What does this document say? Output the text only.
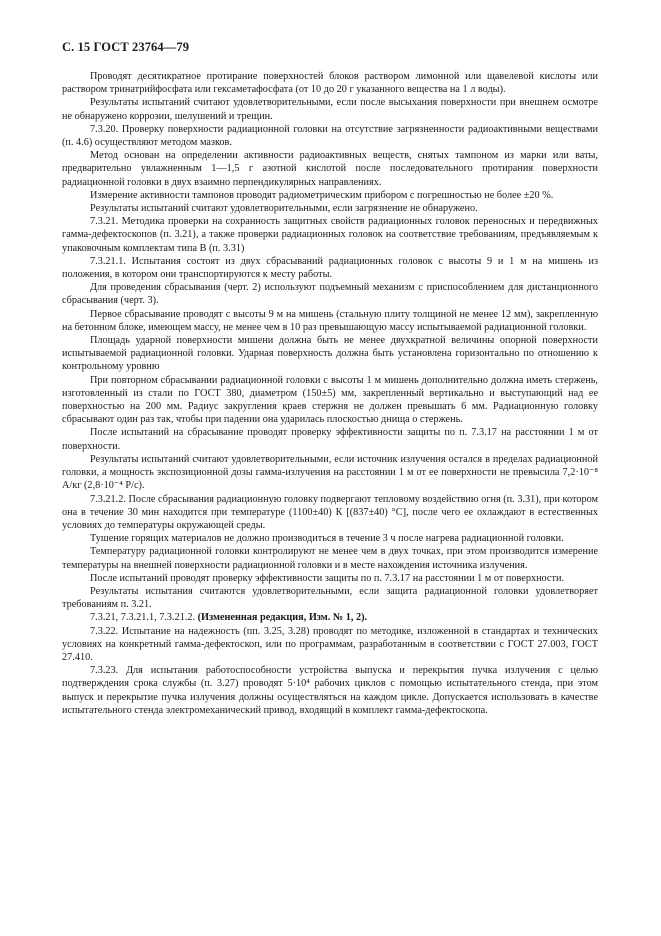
С. 15 ГОСТ 23764—79

Проводят десятикратное протирание поверхностей блоков раствором лимонной или щавелевой кислоты или раствором тринатрийфосфата или гексаметафосфата (от 10 до 20 г указанного вещества на 1 л воды).

Результаты испытаний считают удовлетворительными, если после высыхания поверхности при внешнем осмотре не обнаружено коррозии, шелушений и трещин.

7.3.20. Проверку поверхности радиационной головки на отсутствие загрязненности радиоактивными веществами (п. 4.6) осуществляют методом мазков.

Метод основан на определении активности радиоактивных веществ, снятых тампоном из марки или ваты, предварительно увлажненным 1—1,5 г азотной кислотой после последовательного протирания поверхности радиационной головки в двух взаимно перпендикулярных направлениях.

Измерение активности тампонов проводят радиометрическим прибором с погрешностью не более ±20 %.

Результаты испытаний считают удовлетворительными, если загрязнение не обнаружено.

7.3.21. Методика проверки на сохранность защитных свойств радиационных головок переносных и передвижных гамма-дефектоскопов (п. 3.21), а также проверки радиационных головок на соответствие требованиям, предъявляемым к упаковочным комплектам типа В (п. 3.31)

7.3.21.1. Испытания состоят из двух сбрасываний радиационных головок с высоты 9 и 1 м на мишень из положения, в котором они транспортируются к месту работы.

Для проведения сбрасывания (черт. 2) используют подъемный механизм с приспособлением для дистанционного сбрасывания (черт. 3).

Первое сбрасывание проводят с высоты 9 м на мишень (стальную плиту толщиной не менее 12 мм), закрепленную на бетонном блоке, имеющем массу, не менее чем в 10 раз превышающую массу испытываемой радиационной головки.

Площадь ударной поверхности мишени должна быть не менее двухкратной величины опорной поверхности испытываемой радиационной головки. Ударная поверхность должна быть установлена горизонтально по отношению к контрольному уровню

При повторном сбрасывании радиационной головки с высоты 1 м мишень дополнительно должна иметь стержень, изготовленный из стали по ГОСТ 380, диаметром (150±5) мм, закрепленный вертикально и выступающий над ее поверхностью на 200 мм. Радиус закругления краев стержня не должен превышать 6 мм. Радиационную головку сбрасывают один раз так, чтобы при падении она ударилась плоскостью днища о стержень.

После испытаний на сбрасывание проводят проверку эффективности защиты по п. 7.3.17 на расстоянии 1 м от поверхности.

Результаты испытаний считают удовлетворительными, если источник излучения остался в пределах радиационной головки, а мощность экспозиционной дозы гамма-излучения на расстоянии 1 м от ее поверхности не превысила 7,2·10⁻⁸ А/кг (2,8·10⁻⁴ Р/с).

7.3.21.2. После сбрасывания радиационную головку подвергают тепловому воздействию огня (п. 3.31), при котором она в течение 30 мин находится при температуре (1100±40) К [(837±40) °С], после чего ее охлаждают в естественных условиях до температуры окружающей среды.

Тушение горящих материалов не должно производиться в течение 3 ч после нагрева радиационной головки.

Температуру радиационной головки контролируют не менее чем в двух точках, при этом производится измерение температуры на внешней поверхности радиационной головки и в месте нахождения источника излучения.

После испытаний проводят проверку эффективности защиты по п. 7.3.17 на расстоянии 1 м от поверхности.

Результаты испытания считаются удовлетворительными, если защита радиационной головки удовлетворяет требованиям п. 3.21.

7.3.21, 7.3.21.1, 7.3.21.2. (Измененная редакция, Изм. № 1, 2).

7.3.22. Испытание на надежность (пп. 3.25, 3.28) проводят по методике, изложенной в стандартах и технических условиях на конкретный гамма-дефектоскоп, или по программам, разработанным в соответствии с ГОСТ 27.003, ГОСТ 27.410.

7.3.23. Для испытания работоспособности устройства выпуска и перекрытия пучка излучения с целью подтверждения срока службы (п. 3.27) проводят 5·10⁴ рабочих циклов с помощью испытательного стенда, при этом выпуск и перекрытие пучка излучения должны осуществляться на каждом цикле. Допускается использовать в качестве испытательного стенда электромеханический привод, входящий в комплект гамма-дефектоскопа.
